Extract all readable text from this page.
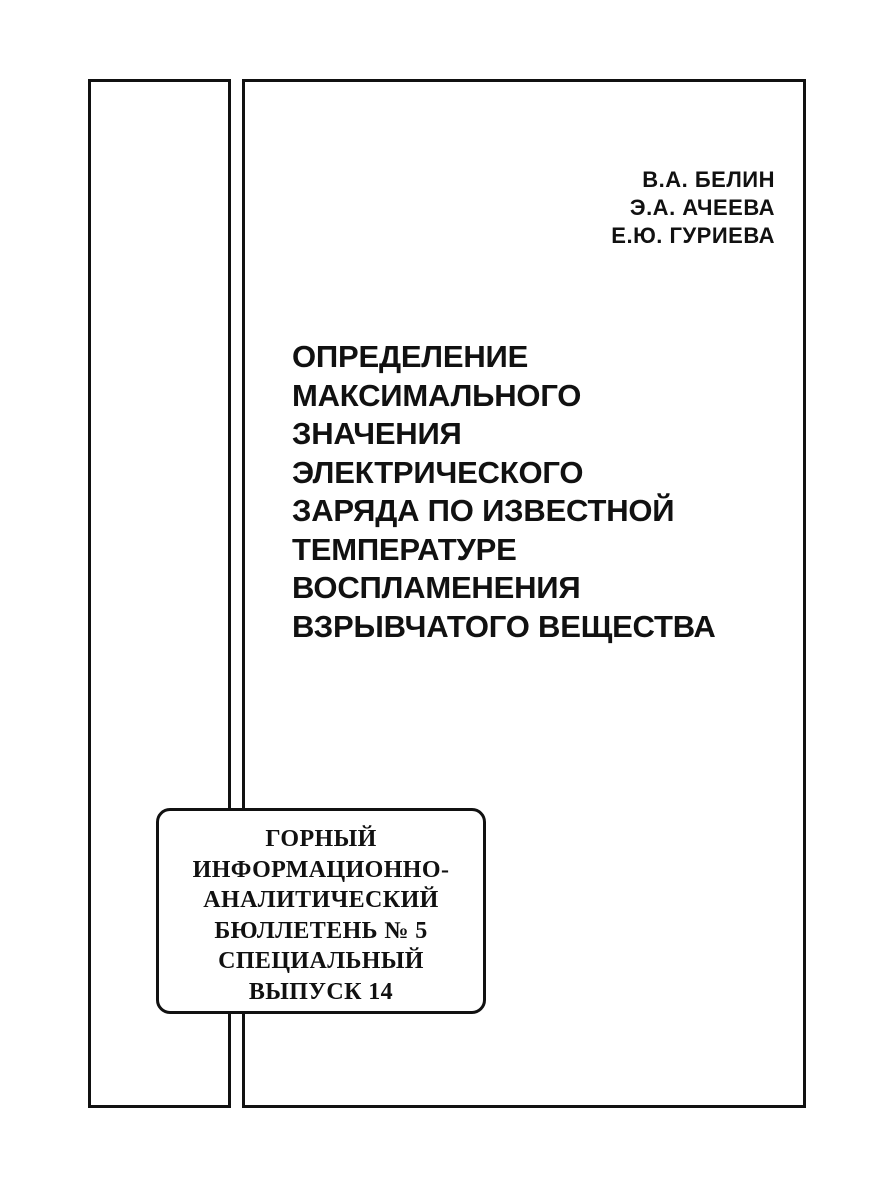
В.А. БЕЛИН
Э.А. АЧЕЕВА
Е.Ю. ГУРИЕВА
ОПРЕДЕЛЕНИЕ
МАКСИМАЛЬНОГО
ЗНАЧЕНИЯ
ЭЛЕКТРИЧЕСКОГО
ЗАРЯДА ПО ИЗВЕСТНОЙ
ТЕМПЕРАТУРЕ
ВОСПЛАМЕНЕНИЯ
ВЗРЫВЧАТОГО ВЕЩЕСТВА
ГОРНЫЙ
ИНФОРМАЦИОННО-
АНАЛИТИЧЕСКИЙ
БЮЛЛЕТЕНЬ № 5
СПЕЦИАЛЬНЫЙ
ВЫПУСК 14
